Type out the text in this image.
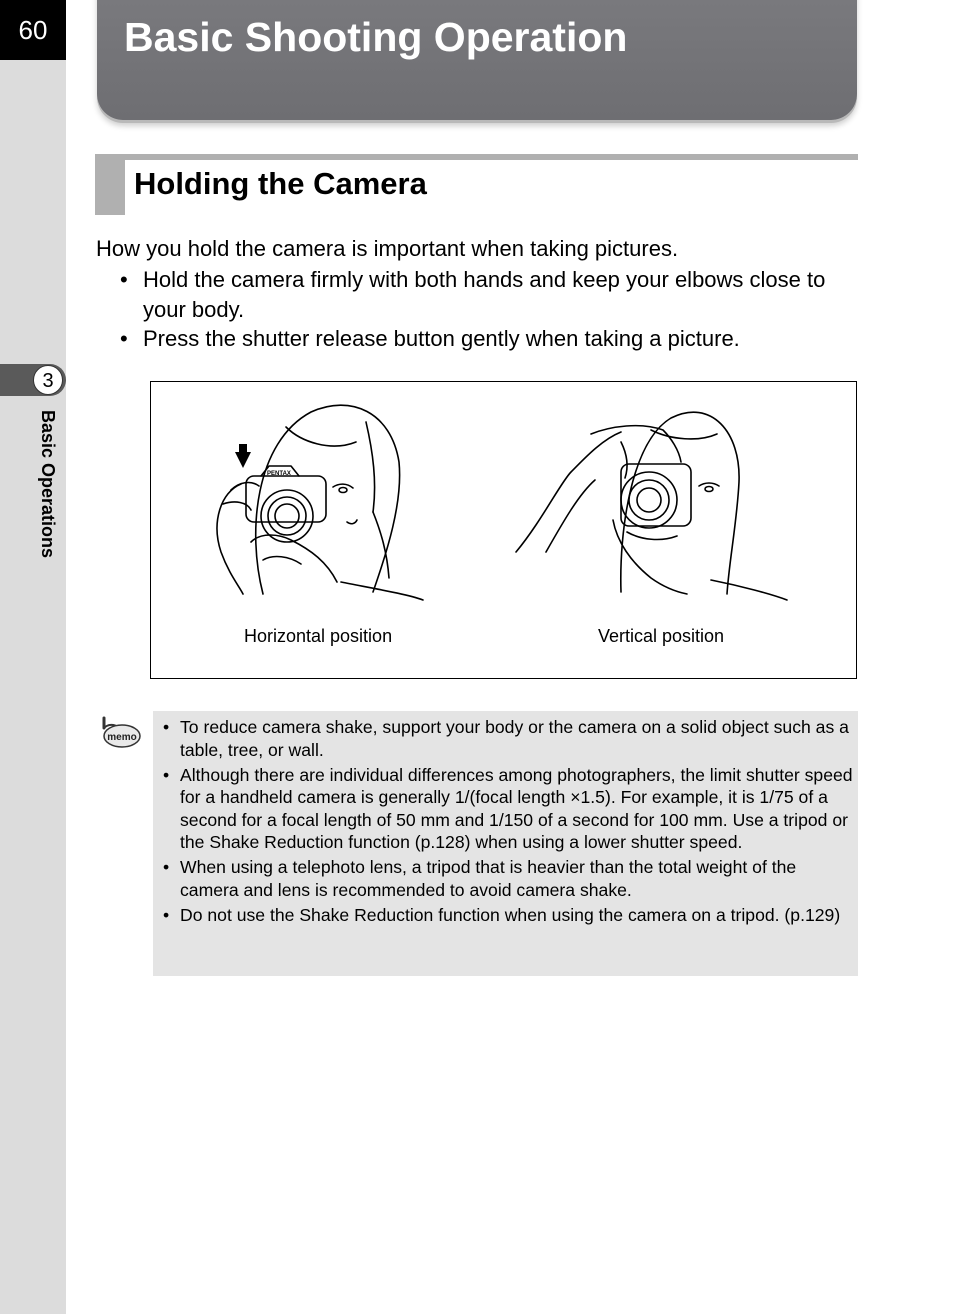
60
3
Basic Operations
Basic Shooting Operation
Holding the Camera
How you hold the camera is important when taking pictures.
• Hold the camera firmly with both hands and keep your elbows close to your body.
• Press the shutter release button gently when taking a picture.
PENTAX
Horizontal position	Vertical position
memo
• To reduce camera shake, support your body or the camera on a solid object such as a table, tree, or wall.
• Although there are individual differences among photographers, the limit shutter speed for a handheld camera is generally 1/(focal length ×1.5). For example, it is 1/75 of a second for a focal length of 50 mm and 1/150 of a second for 100 mm. Use a tripod or the Shake Reduction function (p.128) when using a lower shutter speed.
• When using a telephoto lens, a tripod that is heavier than the total weight of the camera and lens is recommended to avoid camera shake.
• Do not use the Shake Reduction function when using the camera on a tripod. (p.129)
